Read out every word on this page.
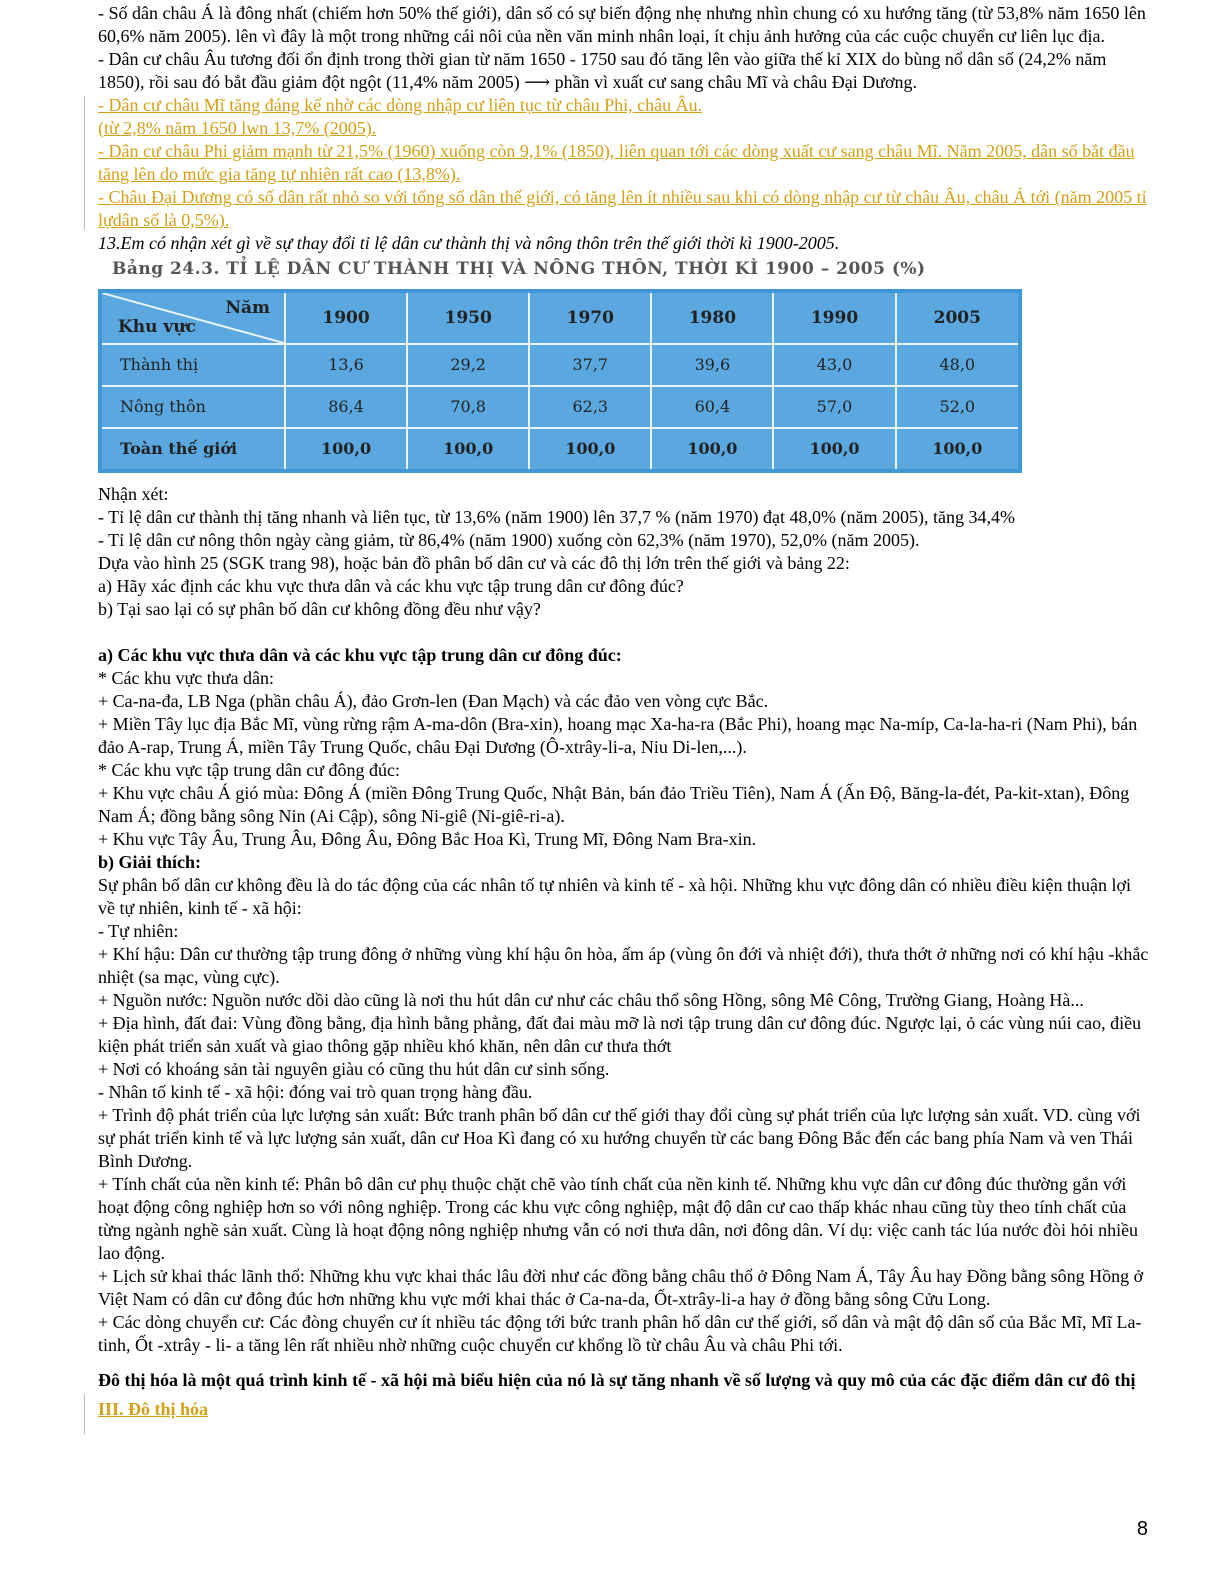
- Số dân châu Á là đông nhất (chiếm hơn 50% thế giới), dân số có sự biến động nhẹ nhưng nhìn chung có xu hướng tăng (từ 53,8% năm 1650 lên 60,6% năm 2005). lên vì đây là một trong những cái nôi của nền văn minh nhân loại, ít chịu ảnh hưởng của các cuộc chuyển cư liên lục địa.

- Dân cư châu Âu tương đối ổn định trong thời gian từ năm 1650 - 1750 sau đó tăng lên vào giữa thế kỉ XIX do bùng nổ dân số (24,2% năm 1850), rồi sau đó bắt đầu giảm đột ngột (11,4% năm 2005) ⟶ phần vì xuất cư sang châu Mĩ và châu Đại Dương.

- Dân cư châu Mĩ tăng đáng kể nhờ các dòng nhập cư liên tục từ châu Phi, châu Âu.

(từ 2,8% năm 1650 lwn 13,7% (2005).

- Dân cư châu Phi giảm mạnh từ 21,5% (1960) xuống còn 9,1% (1850), liên quan tới các dòng xuất cư sang châu Mĩ. Năm 2005, dân số bắt đầu tăng lên do mức gia tăng tự nhiên rất cao (13,8%).

- Châu Đại Dương có số dân rất nhỏ so với tổng số dân thế giới, có tăng lên ít nhiều sau khi có dòng nhập cư từ châu Âu, châu Á tới (năm 2005 tỉ lựdân số là 0,5%).

13.Em có nhận xét gì về sự thay đổi tỉ lệ dân cư thành thị và nông thôn trên thế giới thời kì 1900-2005.

Bảng 24.3. TỈ LỆ DÂN CƯ THÀNH THỊ VÀ NÔNG THÔN, THỜI KÌ 1900 – 2005 (%)

Năm
Khu vực	1900	1950	1970	1980	1990	2005
Thành thị	13,6	29,2	37,7	39,6	43,0	48,0
Nông thôn	86,4	70,8	62,3	60,4	57,0	52,0
Toàn thế giới	100,0	100,0	100,0	100,0	100,0	100,0

Nhận xét:

- Tỉ lệ dân cư thành thị tăng nhanh và liên tục, từ 13,6% (năm 1900) lên 37,7 % (năm 1970) đạt 48,0% (năm 2005), tăng 34,4%

- Tỉ lệ dân cư nông thôn ngày càng giảm, từ 86,4% (năm 1900) xuống còn 62,3% (năm 1970), 52,0% (năm 2005).

Dựa vào hình 25 (SGK trang 98), hoặc bản đồ phân bố dân cư và các đô thị lớn trên thế giới và bảng 22:

a) Hãy xác định các khu vực thưa dân và các khu vực tập trung dân cư đông đúc?

b) Tại sao lại có sự phân bố dân cư không đồng đều như vậy?

a) Các khu vực thưa dân và các khu vực tập trung dân cư đông đúc:

* Các khu vực thưa dân:

+ Ca-na-đa, LB Nga (phần châu Á), đảo Grơn-len (Đan Mạch) và các đảo ven vòng cực Bắc.

+ Miền Tây lục địa Bắc Mĩ, vùng rừng rậm A-ma-dôn (Bra-xin), hoang mạc Xa-ha-ra (Bắc Phi), hoang mạc Na-míp, Ca-la-ha-ri (Nam Phi), bán đảo A-rap, Trung Á, miền Tây Trung Quốc, châu Đại Dương (Ô-xtrây-li-a, Niu Di-len,...).

* Các khu vực tập trung dân cư đông đúc:

+ Khu vực châu Á gió mùa: Đông Á (miền Đông Trung Quốc, Nhật Bản, bán đảo Triều Tiên), Nam Á (Ấn Độ, Băng-la-đét, Pa-kit-xtan), Đông Nam Á; đồng bằng sông Nin (Ai Cập), sông Ni-giê (Ni-giê-ri-a).

+ Khu vực Tây Âu, Trung Âu, Đông Âu, Đông Bắc Hoa Kì, Trung Mĩ, Đông Nam Bra-xin.

b) Giải thích:

Sự phân bố dân cư không đều là do tác động của các nhân tố tự nhiên và kinh tế - xà hội. Những khu vực đông dân có nhiều điều kiện thuận lợi về tự nhiên, kinh tế - xã hội:

- Tự nhiên:

+ Khí hậu: Dân cư thường tập trung đông ở những vùng khí hậu ôn hòa, ấm áp (vùng ôn đới và nhiệt đới), thưa thớt ở những nơi có khí hậu -khắc nhiệt (sa mạc, vùng cực).

+ Nguồn nước: Nguồn nước dồi dào cũng là nơi thu hút dân cư như các châu thổ sông Hồng, sông Mê Công, Trường Giang, Hoàng Hà...

+ Địa hình, đất đai: Vùng đồng bằng, địa hình bằng phẳng, đất đai màu mỡ là nơi tập trung dân cư đông đúc. Ngược lại, ỏ các vùng núi cao, điều kiện phát triển sản xuất và giao thông gặp nhiều khó khăn, nên dân cư thưa thớt

+ Nơi có khoáng sản tài nguyên giàu có cũng thu hút dân cư sinh sống.

- Nhân tố kinh tế - xã hội: đóng vai trò quan trọng hàng đầu.

+ Trình độ phát triển của lực lượng sản xuất: Bức tranh phân bố dân cư thế giới thay đổi cùng sự phát triển của lực lượng sản xuất. VD. cùng với sự phát triển kinh tế và lực lượng sản xuất, dân cư Hoa Kì đang có xu hướng chuyển từ các bang Đông Bắc đến các bang phía Nam và ven Thái Bình Dương.

+ Tính chất của nền kinh tế: Phân bô dân cư phụ thuộc chặt chẽ vào tính chất của nền kinh tế. Những khu vực dân cư đông đúc thường gắn với hoạt động công nghiệp hơn so với nông nghiệp. Trong các khu vực công nghiệp, mật độ dân cư cao thấp khác nhau cũng tùy theo tính chất của từng ngành nghề sản xuất. Cùng là hoạt động nông nghiệp nhưng vẫn có nơi thưa dân, nơi đông dân. Ví dụ: việc canh tác lúa nước đòi hỏi nhiều lao động.

+ Lịch sử khai thác lãnh thổ: Những khu vực khai thác lâu đời như các đồng bằng châu thổ ở Đông Nam Á, Tây Âu hay Đồng bằng sông Hồng ở Việt Nam có dân cư đông đúc hơn những khu vực mới khai thác ở Ca-na-da, Ốt-xtrây-li-a hay ở đồng bằng sông Cửu Long.

+ Các dòng chuyển cư: Các đòng chuyển cư ít nhiều tác động tới bức tranh phân hố dân cư thế giới, số dân và mật độ dân số của Bắc Mĩ, Mĩ La-tinh, Ốt -xtrây - li- a tăng lên rất nhiều nhờ những cuộc chuyển cư khổng lồ từ châu Âu và châu Phi tới.

Đô thị hóa là một quá trình kinh tế - xã hội mà biểu hiện của nó là sự tăng nhanh về số lượng và quy mô của các đặc điểm dân cư đô thị

III. Đô thị hóa

8
